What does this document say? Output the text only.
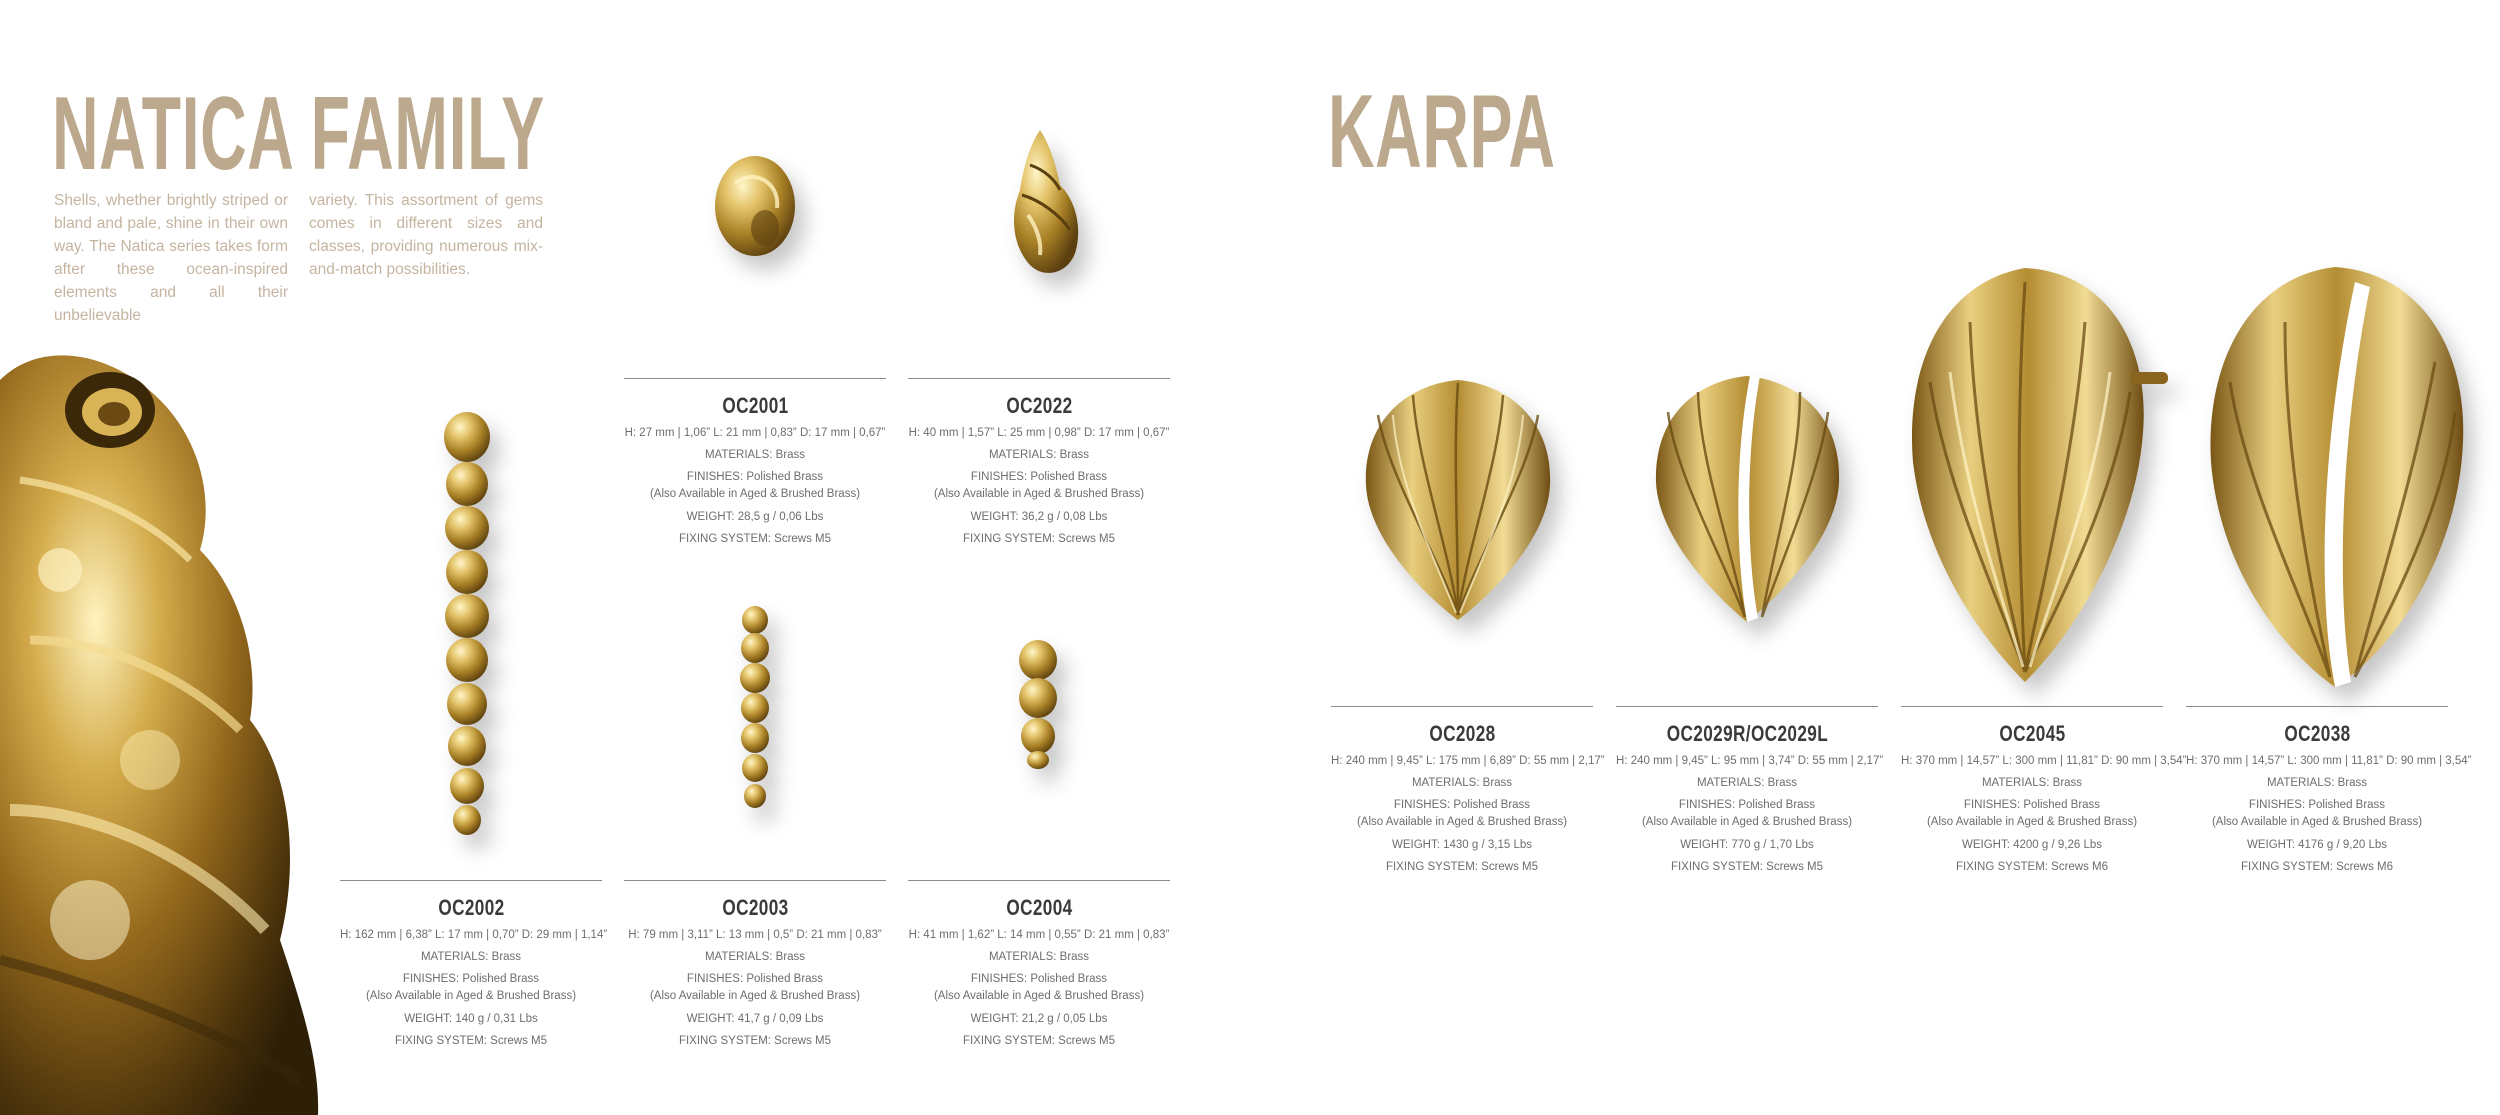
NATICA FAMILY
Shells, whether brightly striped or bland and pale, shine in their own way. The Natica series takes form after these ocean-inspired elements and all their unbelievable
variety. This assortment of gems comes in different sizes and classes, providing numerous mix-and-match possibilities.
KARPA
OC2001
H: 27 mm | 1,06” L: 21 mm | 0,83” D: 17 mm | 0,67”
MATERIALS: Brass
FINISHES: Polished Brass
(Also Available in Aged & Brushed Brass)
WEIGHT: 28,5 g / 0,06 Lbs
FIXING SYSTEM: Screws M5
OC2022
H: 40 mm | 1,57” L: 25 mm | 0,98” D: 17 mm | 0,67”
MATERIALS: Brass
FINISHES: Polished Brass
(Also Available in Aged & Brushed Brass)
WEIGHT: 36,2 g / 0,08 Lbs
FIXING SYSTEM: Screws M5
OC2002
H: 162 mm | 6,38” L: 17 mm | 0,70” D: 29 mm | 1,14”
MATERIALS: Brass
FINISHES: Polished Brass
(Also Available in Aged & Brushed Brass)
WEIGHT: 140 g / 0,31 Lbs
FIXING SYSTEM: Screws M5
OC2003
H: 79 mm | 3,11” L: 13 mm | 0,5” D: 21 mm | 0,83”
MATERIALS: Brass
FINISHES: Polished Brass
(Also Available in Aged & Brushed Brass)
WEIGHT: 41,7 g / 0,09 Lbs
FIXING SYSTEM: Screws M5
OC2004
H: 41 mm | 1,62” L: 14 mm | 0,55” D: 21 mm | 0,83”
MATERIALS: Brass
FINISHES: Polished Brass
(Also Available in Aged & Brushed Brass)
WEIGHT: 21,2 g / 0,05 Lbs
FIXING SYSTEM: Screws M5
OC2028
H: 240 mm | 9,45” L: 175 mm | 6,89” D: 55 mm | 2,17”
MATERIALS: Brass
FINISHES: Polished Brass
(Also Available in Aged & Brushed Brass)
WEIGHT: 1430 g / 3,15 Lbs
FIXING SYSTEM: Screws M5
OC2029R/OC2029L
H: 240 mm | 9,45” L: 95 mm | 3,74” D: 55 mm | 2,17”
MATERIALS: Brass
FINISHES: Polished Brass
(Also Available in Aged & Brushed Brass)
WEIGHT: 770 g / 1,70 Lbs
FIXING SYSTEM: Screws M5
OC2045
H: 370 mm | 14,57” L: 300 mm | 11,81” D: 90 mm | 3,54”
MATERIALS: Brass
FINISHES: Polished Brass
(Also Available in Aged & Brushed Brass)
WEIGHT: 4200 g / 9,26 Lbs
FIXING SYSTEM: Screws M6
OC2038
H: 370 mm | 14,57” L: 300 mm | 11,81” D: 90 mm | 3,54”
MATERIALS: Brass
FINISHES: Polished Brass
(Also Available in Aged & Brushed Brass)
WEIGHT: 4176 g / 9,20 Lbs
FIXING SYSTEM: Screws M6
